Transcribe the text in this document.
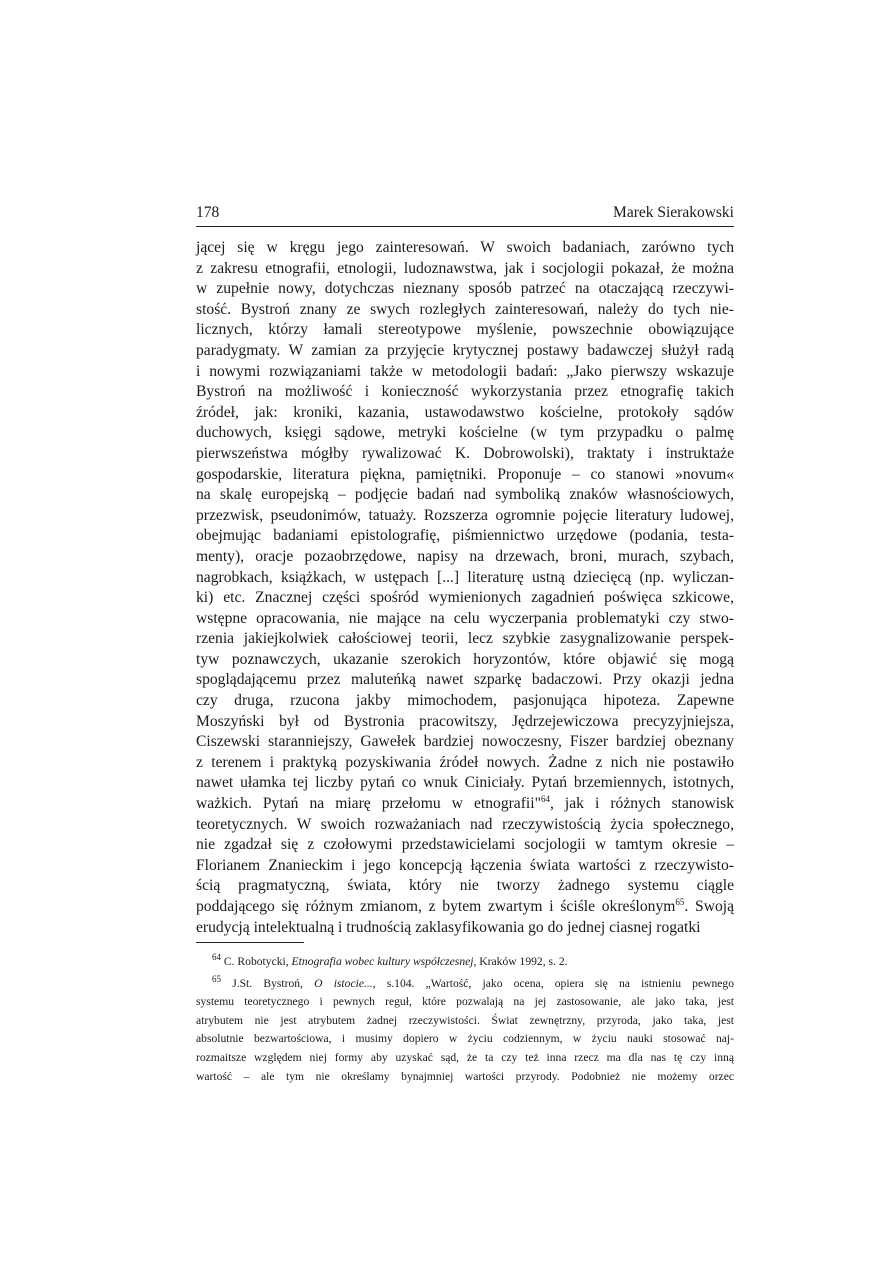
178	Marek Sierakowski
jącej się w kręgu jego zainteresowań. W swoich badaniach, zarówno tych
z zakresu etnografii, etnologii, ludoznawstwa, jak i socjologii pokazał, że można
w zupełnie nowy, dotychczas nieznany sposób patrzeć na otaczającą rzeczywi-
stość. Bystroń znany ze swych rozległych zainteresowań, należy do tych nie-
licznych, którzy łamali stereotypowe myślenie, powszechnie obowiązujące
paradygmaty. W zamian za przyjęcie krytycznej postawy badawczej służył radą
i nowymi rozwiązaniami także w metodologii badań: „Jako pierwszy wskazuje
Bystroń na możliwość i konieczność wykorzystania przez etnografię takich
źródeł, jak: kroniki, kazania, ustawodawstwo kościelne, protokoły sądów
duchowych, księgi sądowe, metryki kościelne (w tym przypadku o palmę
pierwszeństwa mógłby rywalizować K. Dobrowolski), traktaty i instruktaże
gospodarskie, literatura piękna, pamiętniki. Proponuje – co stanowi »novum«
na skalę europejską – podjęcie badań nad symboliką znaków własnościowych,
przezwisk, pseudonimów, tatuaży. Rozszerza ogromnie pojęcie literatury ludowej,
obejmując badaniami epistolografię, piśmiennictwo urzędowe (podania, testa-
menty), oracje pozaobrzędowe, napisy na drzewach, broni, murach, szybach,
nagrobkach, książkach, w ustępach [...] literaturę ustną dziecięcą (np. wyliczan-
ki) etc. Znacznej części spośród wymienionych zagadnień poświęca szkicowe,
wstępne opracowania, nie mające na celu wyczerpania problematyki czy stwo-
rzenia jakiejkolwiek całościowej teorii, lecz szybkie zasygnalizowanie perspek-
tyw poznawczych, ukazanie szerokich horyzontów, które objawić się mogą
spoglądającemu przez maluteńką nawet szparkę badaczowi. Przy okazji jedna
czy druga, rzucona jakby mimochodem, pasjonująca hipoteza. Zapewne
Moszyński był od Bystronia pracowitszy, Jędrzejewiczowa precyzyjniejsza,
Ciszewski staranniejszy, Gawełek bardziej nowoczesny, Fiszer bardziej obeznany
z terenem i praktyką pozyskiwania źródeł nowych. Żadne z nich nie postawiło
nawet ułamka tej liczby pytań co wnuk Ciniciały. Pytań brzemiennych, istotnych,
ważkich. Pytań na miarę przełomu w etnografii"$^{64}$, jak i różnych stanowisk
teoretycznych. W swoich rozważaniach nad rzeczywistością życia społecznego,
nie zgadzał się z czołowymi przedstawicielami socjologii w tamtym okresie –
Florianem Znanieckim i jego koncepcją łączenia świata wartości z rzeczywisto-
ścią pragmatyczną, świata, który nie tworzy żadnego systemu ciągle
poddającego się różnym zmianom, z bytem zwartym i ściśle określonym$^{65}$. Swoją
erudycją intelektualną i trudnością zaklasyfikowania go do jednej ciasnej rogatki
$^{64}$ C. Robotycki, Etnografia wobec kultury współczesnej, Kraków 1992, s. 2.
$^{65}$ J.St. Bystroń, O istocie..., s.104. „Wartość, jako ocena, opiera się na istnieniu pewnego
systemu teoretycznego i pewnych reguł, które pozwalają na jej zastosowanie, ale jako taka, jest
atrybutem nie jest atrybutem żadnej rzeczywistości. Świat zewnętrzny, przyroda, jako taka, jest
absolutnie bezwartościowa, i musimy dopiero w życiu codziennym, w życiu nauki stosować naj-
rozmaitsze względem niej formy aby uzyskać sąd, że ta czy też inna rzecz ma dla nas tę czy inną
wartość – ale tym nie określamy bynajmniej wartości przyrody. Podobnież nie możemy orzec
